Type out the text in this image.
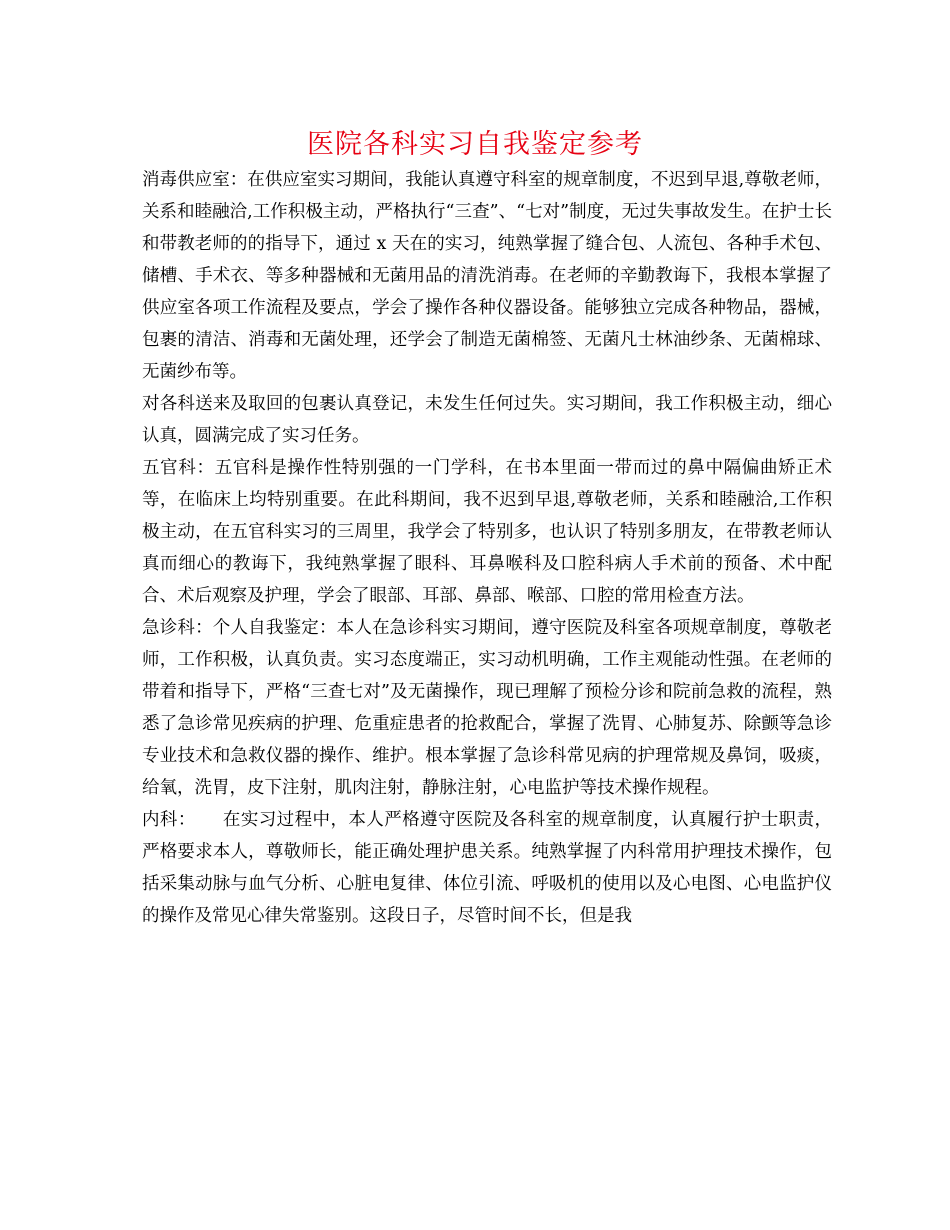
医院各科实习自我鉴定参考

消毒供应室：在供应室实习期间，我能认真遵守科室的规章制度，不迟到早退,尊敬老师，关系和睦融洽,工作积极主动，严格执行“三查”、“七对”制度，无过失事故发生。在护士长和带教老师的的指导下，通过 x 天在的实习，纯熟掌握了缝合包、人流包、各种手术包、储槽、手术衣、等多种器械和无菌用品的清洗消毒。在老师的辛勤教诲下，我根本掌握了供应室各项工作流程及要点，学会了操作各种仪器设备。能够独立完成各种物品，器械，包裹的清洁、消毒和无菌处理，还学会了制造无菌棉签、无菌凡士林油纱条、无菌棉球、无菌纱布等。

对各科送来及取回的包裹认真登记，未发生任何过失。实习期间，我工作积极主动，细心认真，圆满完成了实习任务。

五官科：五官科是操作性特别强的一门学科，在书本里面一带而过的鼻中隔偏曲矫正术等，在临床上均特别重要。在此科期间，我不迟到早退,尊敬老师，关系和睦融洽,工作积极主动，在五官科实习的三周里，我学会了特别多，也认识了特别多朋友，在带教老师认真而细心的教诲下，我纯熟掌握了眼科、耳鼻喉科及口腔科病人手术前的预备、术中配合、术后观察及护理，学会了眼部、耳部、鼻部、喉部、口腔的常用检查方法。

急诊科：个人自我鉴定：本人在急诊科实习期间，遵守医院及科室各项规章制度，尊敬老师，工作积极，认真负责。实习态度端正，实习动机明确，工作主观能动性强。在老师的带着和指导下，严格“三查七对”及无菌操作，现已理解了预检分诊和院前急救的流程，熟悉了急诊常见疾病的护理、危重症患者的抢救配合，掌握了洗胃、心肺复苏、除颤等急诊专业技术和急救仪器的操作、维护。根本掌握了急诊科常见病的护理常规及鼻饲，吸痰，给氧，洗胃，皮下注射，肌肉注射，静脉注射，心电监护等技术操作规程。

内科：　　在实习过程中，本人严格遵守医院及各科室的规章制度，认真履行护士职责，严格要求本人，尊敬师长，能正确处理护患关系。纯熟掌握了内科常用护理技术操作，包括采集动脉与血气分析、心脏电复律、体位引流、呼吸机的使用以及心电图、心电监护仪的操作及常见心律失常鉴别。这段日子，尽管时间不长，但是我
